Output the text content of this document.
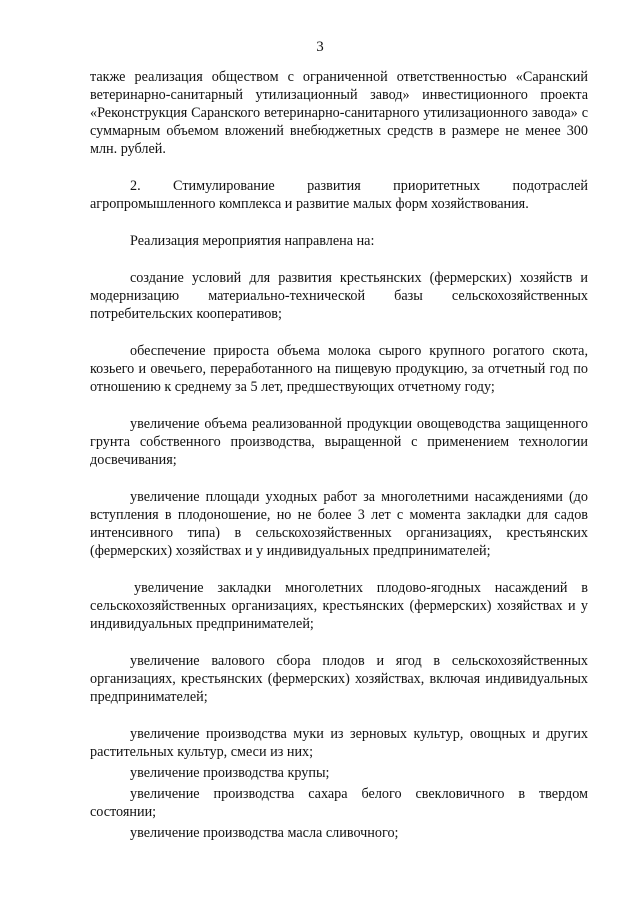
3

также реализация обществом с ограниченной ответственностью «Саранский ветеринарно-санитарный утилизационный завод» инвестиционного проекта «Реконструкция Саранского ветеринарно-санитарного утилизационного завода» с суммарным объемом вложений внебюджетных средств в размере не менее 300 млн. рублей.

2. Стимулирование развития приоритетных подотраслей агропромышленного комплекса и развитие малых форм хозяйствования.

Реализация мероприятия направлена на:

создание условий для развития крестьянских (фермерских) хозяйств и модернизацию материально-технической базы сельскохозяйственных потребительских кооперативов;

обеспечение прироста объема молока сырого крупного рогатого скота, козьего и овечьего, переработанного на пищевую продукцию, за отчетный год по отношению к среднему за 5 лет, предшествующих отчетному году;

увеличение объема реализованной продукции овощеводства защищенного грунта собственного производства, выращенной с применением технологии досвечивания;

увеличение площади уходных работ за многолетними насаждениями (до вступления в плодоношение, но не более 3 лет с момента закладки для садов интенсивного типа) в сельскохозяйственных организациях, крестьянских (фермерских) хозяйствах и у индивидуальных предпринимателей;

увеличение закладки многолетних плодово-ягодных насаждений в сельскохозяйственных организациях, крестьянских (фермерских) хозяйствах и у индивидуальных предпринимателей;

увеличение валового сбора плодов и ягод в сельскохозяйственных организациях, крестьянских (фермерских) хозяйствах, включая индивидуальных предпринимателей;

увеличение производства муки из зерновых культур, овощных и других растительных культур, смеси из них;

увеличение производства крупы;

увеличение производства сахара белого свекловичного в твердом состоянии;

увеличение производства масла сливочного;
